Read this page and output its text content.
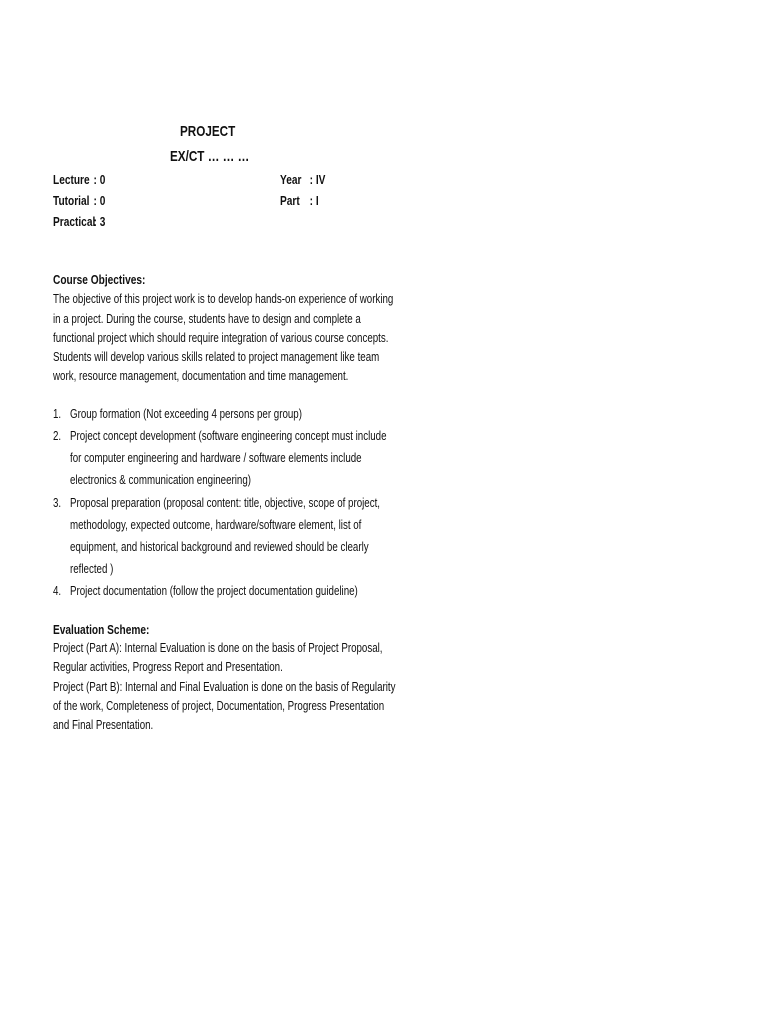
PROJECT
EX/CT … … …
Lecture : 0
Tutorial : 0
Practical: 3
Year : IV
Part : I
Course Objectives:
The objective of this project work is to develop hands-on experience of working
in a project. During the course, students have to design and complete a
functional project which should require integration of various course concepts.
Students will develop various skills related to project management like team
work, resource management, documentation and time management.
1. Group formation (Not exceeding 4 persons per group)
2. Project concept development (software engineering concept must include
for computer engineering and hardware / software elements include
electronics & communication engineering)
3. Proposal preparation (proposal content: title, objective, scope of project,
methodology, expected outcome, hardware/software element, list of
equipment, and historical background and reviewed should be clearly
reflected )
4. Project documentation (follow the project documentation guideline)
Evaluation Scheme:
Project (Part A): Internal Evaluation is done on the basis of Project Proposal,
Regular activities, Progress Report and Presentation.
Project (Part B): Internal and Final Evaluation is done on the basis of Regularity
of the work, Completeness of project, Documentation, Progress Presentation
and Final Presentation.
